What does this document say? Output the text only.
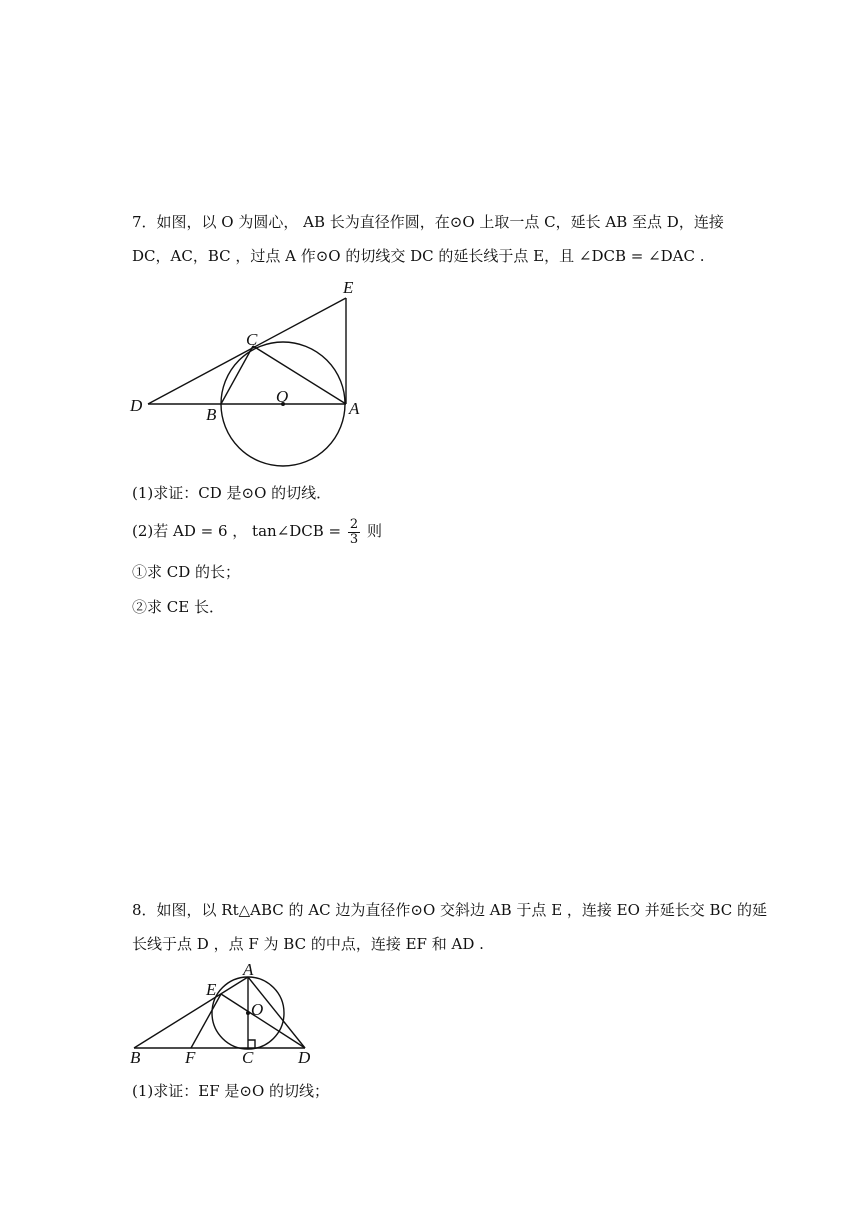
7．如图，以 O 为圆心， AB 长为直径作圆，在⊙O 上取一点 C，延长 AB 至点 D，连接
DC，AC，BC ，过点 A 作⊙O 的切线交 DC 的延长线于点 E，且 ∠DCB = ∠DAC .
E
C
D	B
O
A
(1)求证：CD 是⊙O 的切线．
(2)若 AD = 6 ， tan∠DCB = $\frac{2}{3}$ 则
①求 CD 的长；
②求 CE 长．
8．如图，以 Rt△ABC 的 AC 边为直径作⊙O 交斜边 AB 于点 E ，连接 EO 并延长交 BC 的延
长线于点 D ，点 F 为 BC 的中点，连接 EF 和 AD .
A
E
O
B	F	C	D
(1)求证：EF 是⊙O 的切线；
